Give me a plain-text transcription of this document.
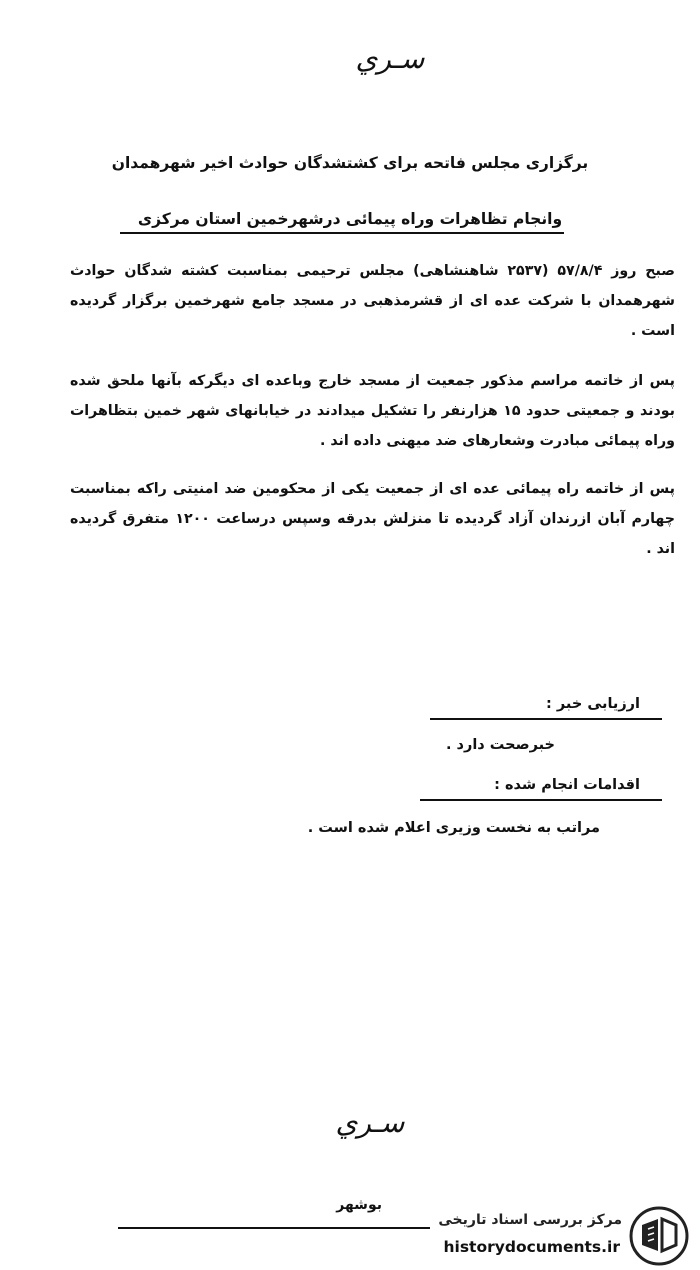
سـري
برگزاری مجلس فاتحه برای کشتشدگان حوادث اخیر شهرهمدان
وانجام تظاهرات وراه پیمائی درشهرخمین استان مرکزی
صبح روز ۵۷/۸/۴ (۲۵۳۷ شاهنشاهی) مجلس ترحیمی بمناسبت کشته شدگان حوادث شهرهمدان با شرکت عده ای از قشرمذهبی در مسجد جامع شهرخمین برگزار گردیده است .
پس از خاتمه مراسم مذکور جمعیت از مسجد خارج وباعده ای دیگرکه بآنها ملحق شده بودند و جمعیتی حدود ۱۵ هزارنفر را تشکیل میدادند در خیابانهای شهر خمین بتظاهرات وراه پیمائی مبادرت وشعارهای ضد میهنی داده اند .
پس از خاتمه راه پیمائی عده ای از جمعیت یکی از محکومین ضد امنیتی راکه بمناسبت چهارم آبان ازرندان آزاد گردیده تا منزلش بدرقه وسپس درساعت ۱۲۰۰ متفرق گردیده اند .
ارزیابی خبر :
خبرصحت دارد .
اقدامات انجام شده :
مراتب به نخست وزیری اعلام شده است .
سـري
بوشهر
مرکز بررسی اسناد تاریخی
historydocuments.ir
